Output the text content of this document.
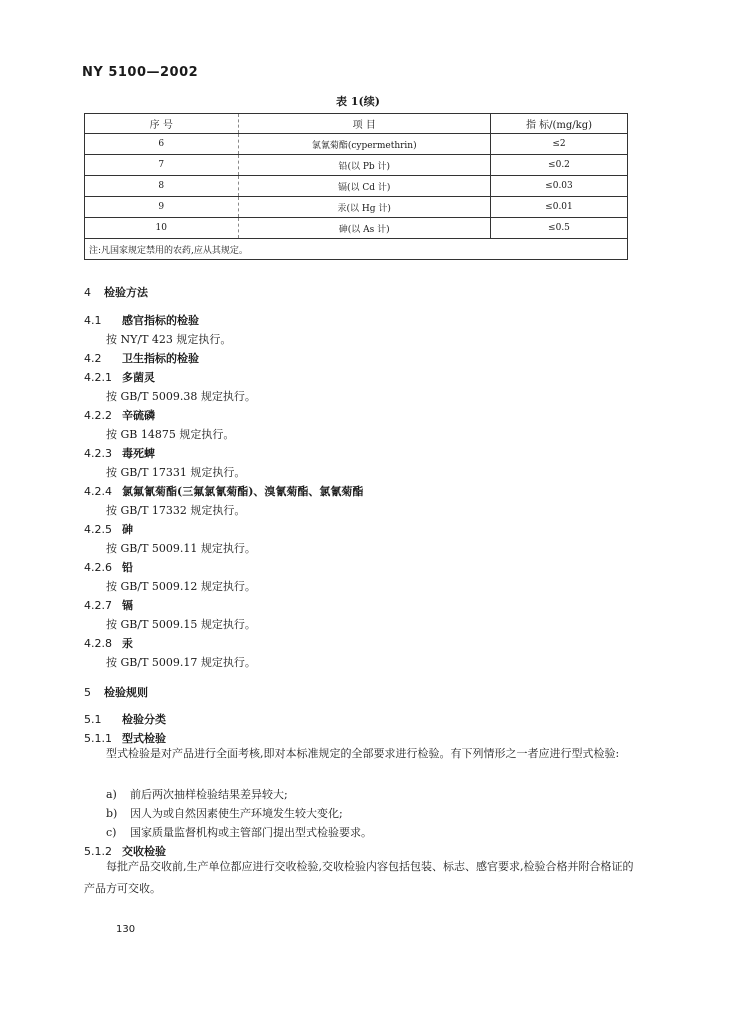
NY 5100—2002
表 1(续)
序 号	项 目	指 标/(mg/kg)
6	氯氰菊酯(cypermethrin)	≤2
7	铅(以 Pb 计)	≤0.2
8	镉(以 Cd 计)	≤0.03
9	汞(以 Hg 计)	≤0.01
10	砷(以 As 计)	≤0.5
注:凡国家规定禁用的农药,应从其规定。		
4 检验方法
4.1 感官指标的检验
按 NY/T 423 规定执行。
4.2 卫生指标的检验
4.2.1 多菌灵
按 GB/T 5009.38 规定执行。
4.2.2 辛硫磷
按 GB 14875 规定执行。
4.2.3 毒死蜱
按 GB/T 17331 规定执行。
4.2.4 氯氟氰菊酯(三氟氯氰菊酯)、溴氰菊酯、氯氰菊酯
按 GB/T 17332 规定执行。
4.2.5 砷
按 GB/T 5009.11 规定执行。
4.2.6 铅
按 GB/T 5009.12 规定执行。
4.2.7 镉
按 GB/T 5009.15 规定执行。
4.2.8 汞
按 GB/T 5009.17 规定执行。
5 检验规则
5.1 检验分类
5.1.1 型式检验
型式检验是对产品进行全面考核,即对本标准规定的全部要求进行检验。有下列情形之一者应进行型式检验:
a) 前后两次抽样检验结果差异较大;
b) 因人为或自然因素使生产环境发生较大变化;
c) 国家质量监督机构或主管部门提出型式检验要求。
5.1.2 交收检验
每批产品交收前,生产单位都应进行交收检验,交收检验内容包括包装、标志、感官要求,检验合格并附合格证的产品方可交收。
130
